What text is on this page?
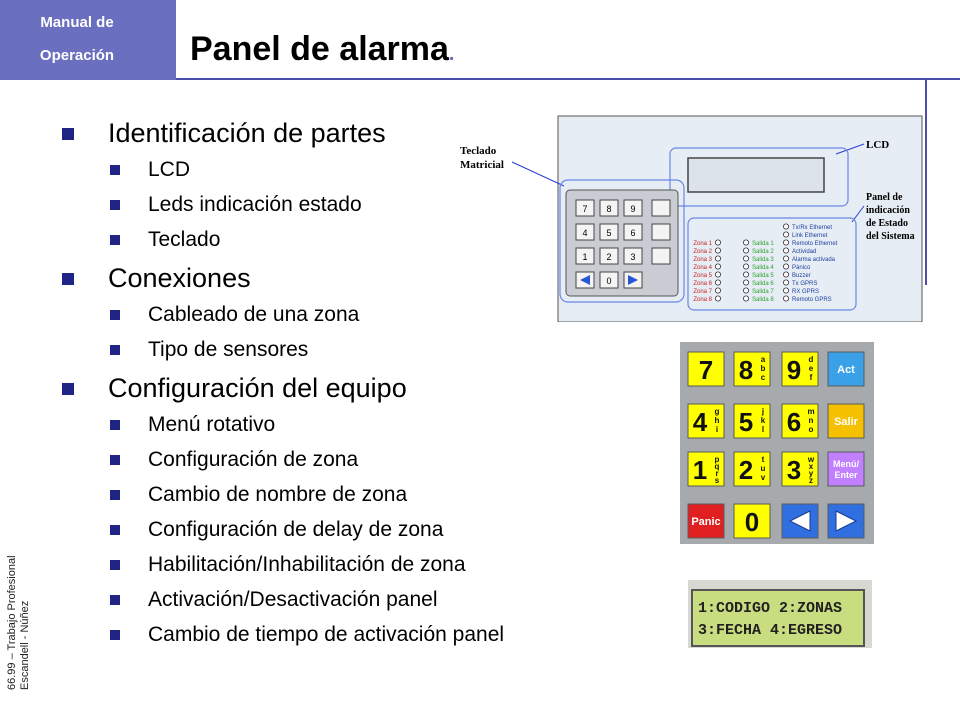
Manual de
Operación	Panel de alarma.
Identificación de partes
LCD
Leds indicación estado
Teclado
Conexiones
Cableado de una zona
Tipo de sensores
Configuración del equipo
Menú rotativo
Configuración de zona
Cambio de nombre de zona
Configuración de delay de zona
Habilitación/Inhabilitación de zona
Activación/Desactivación panel
Cambio de tiempo de activación panel
66.99 – Trabajo Profesional Escandell - Núñez
Teclado
Matricial
LCD
Panel de
indicación
de Estado
del Sistema
7 8 9
4 5 6
1 2 3
0
Zona 1
Zona 2
Zona 3
Zona 4
Zona 5
Zona 6
Zona 7
Zona 8
Salida 1
Salida 2
Salida 3
Salida 4
Salida 5
Salida 6
Salida 7
Salida 8
Tx/Rx Ethernet
Link Ethernet
Remoto Ethernet
Actividad
Alarma activada
Pánico
Buzzer
Tx GPRS
RX GPRS
Remoto GPRS
7 8 a
b
c 9 d
e
f
Act
4 g
h
i 5 j
k
l 6 m
n
o
Salir
1 p
q
r
s 2 t
u
v 3 w
x
y
z
Menú/
Enter
Panic 0
1:CODIGO 2:ZONAS
3:FECHA 4:EGRESO
